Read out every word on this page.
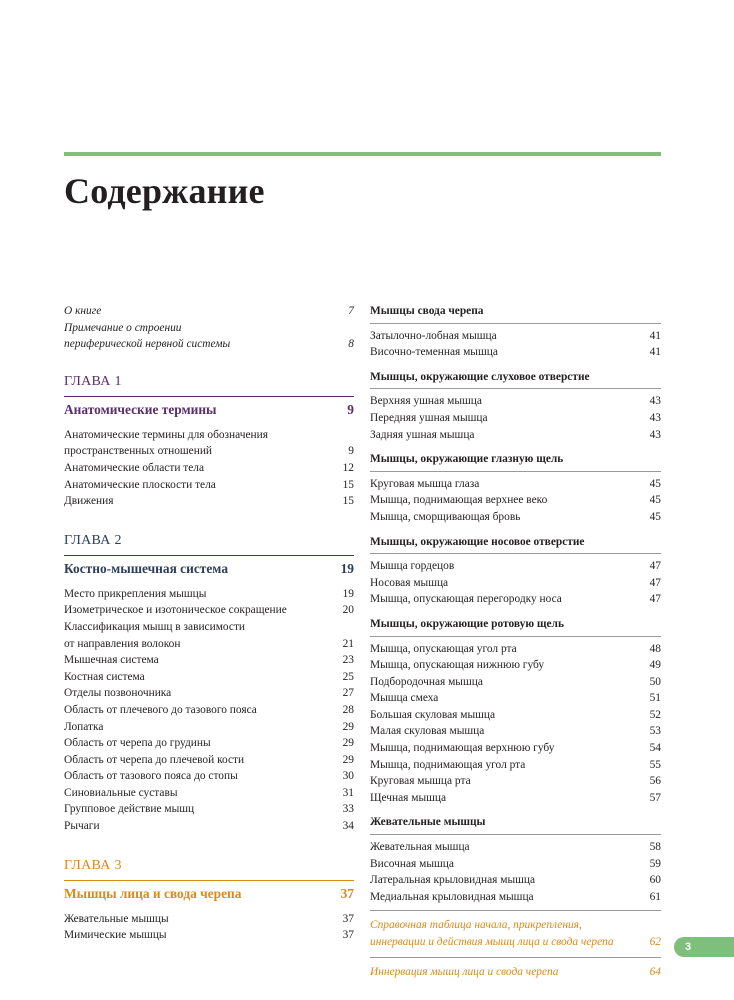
Содержание
О книге	7
Примечание о строении
периферической нервной системы	8
ГЛАВА 1
Анатомические термины	9
Анатомические термины для обозначения
пространственных отношений	9
Анатомические области тела	12
Анатомические плоскости тела	15
Движения	15
ГЛАВА 2
Костно-мышечная система	19
Место прикрепления мышцы	19
Изометрическое и изотоническое сокращение	20
Классификация мышц в зависимости
от направления волокон	21
Мышечная система	23
Костная система	25
Отделы позвоночника	27
Область от плечевого до тазового пояса	28
Лопатка	29
Область от черепа до грудины	29
Область от черепа до плечевой кости	29
Область от тазового пояса до стопы	30
Синовиальные суставы	31
Групповое действие мышц	33
Рычаги	34
ГЛАВА 3
Мышцы лица и свода черепа	37
Жевательные мышцы	37
Мимические мышцы	37
Мышцы свода черепа
Затылочно-лобная мышца	41
Височно-теменная мышца	41
Мышцы, окружающие слуховое отверстие
Верхняя ушная мышца	43
Передняя ушная мышца	43
Задняя ушная мышца	43
Мышцы, окружающие глазную щель
Круговая мышца глаза	45
Мышца, поднимающая верхнее веко	45
Мышца, сморщивающая бровь	45
Мышцы, окружающие носовое отверстие
Мышца гордецов	47
Носовая мышца	47
Мышца, опускающая перегородку носа	47
Мышцы, окружающие ротовую щель
Мышца, опускающая угол рта	48
Мышца, опускающая нижнюю губу	49
Подбородочная мышца	50
Мышца смеха	51
Большая скуловая мышца	52
Малая скуловая мышца	53
Мышца, поднимающая верхнюю губу	54
Мышца, поднимающая угол рта	55
Круговая мышца рта	56
Щечная мышца	57
Жевательные мышцы
Жевательная мышца	58
Височная мышца	59
Латеральная крыловидная мышца	60
Медиальная крыловидная мышца	61
Справочная таблица начала, прикрепления,
иннервации и действия мышц лица и свода черепа	62
Иннервация мышц лица и свода черепа	64
3
